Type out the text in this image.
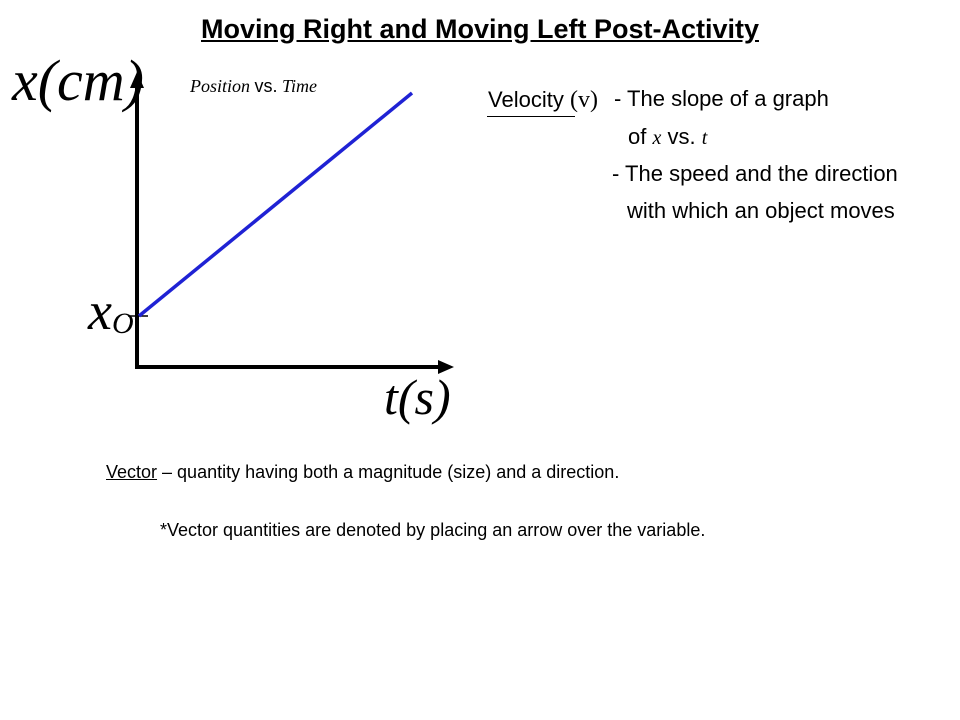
Moving Right and Moving Left Post-Activity
Position vs. Time
x(cm)
t(s)
$x_O$
Velocity (v) - The slope of a graph
of x vs. t
- The speed and the direction
with which an object moves
Vector – quantity having both a magnitude (size) and a direction.
*Vector quantities are denoted by placing an arrow over the variable.
